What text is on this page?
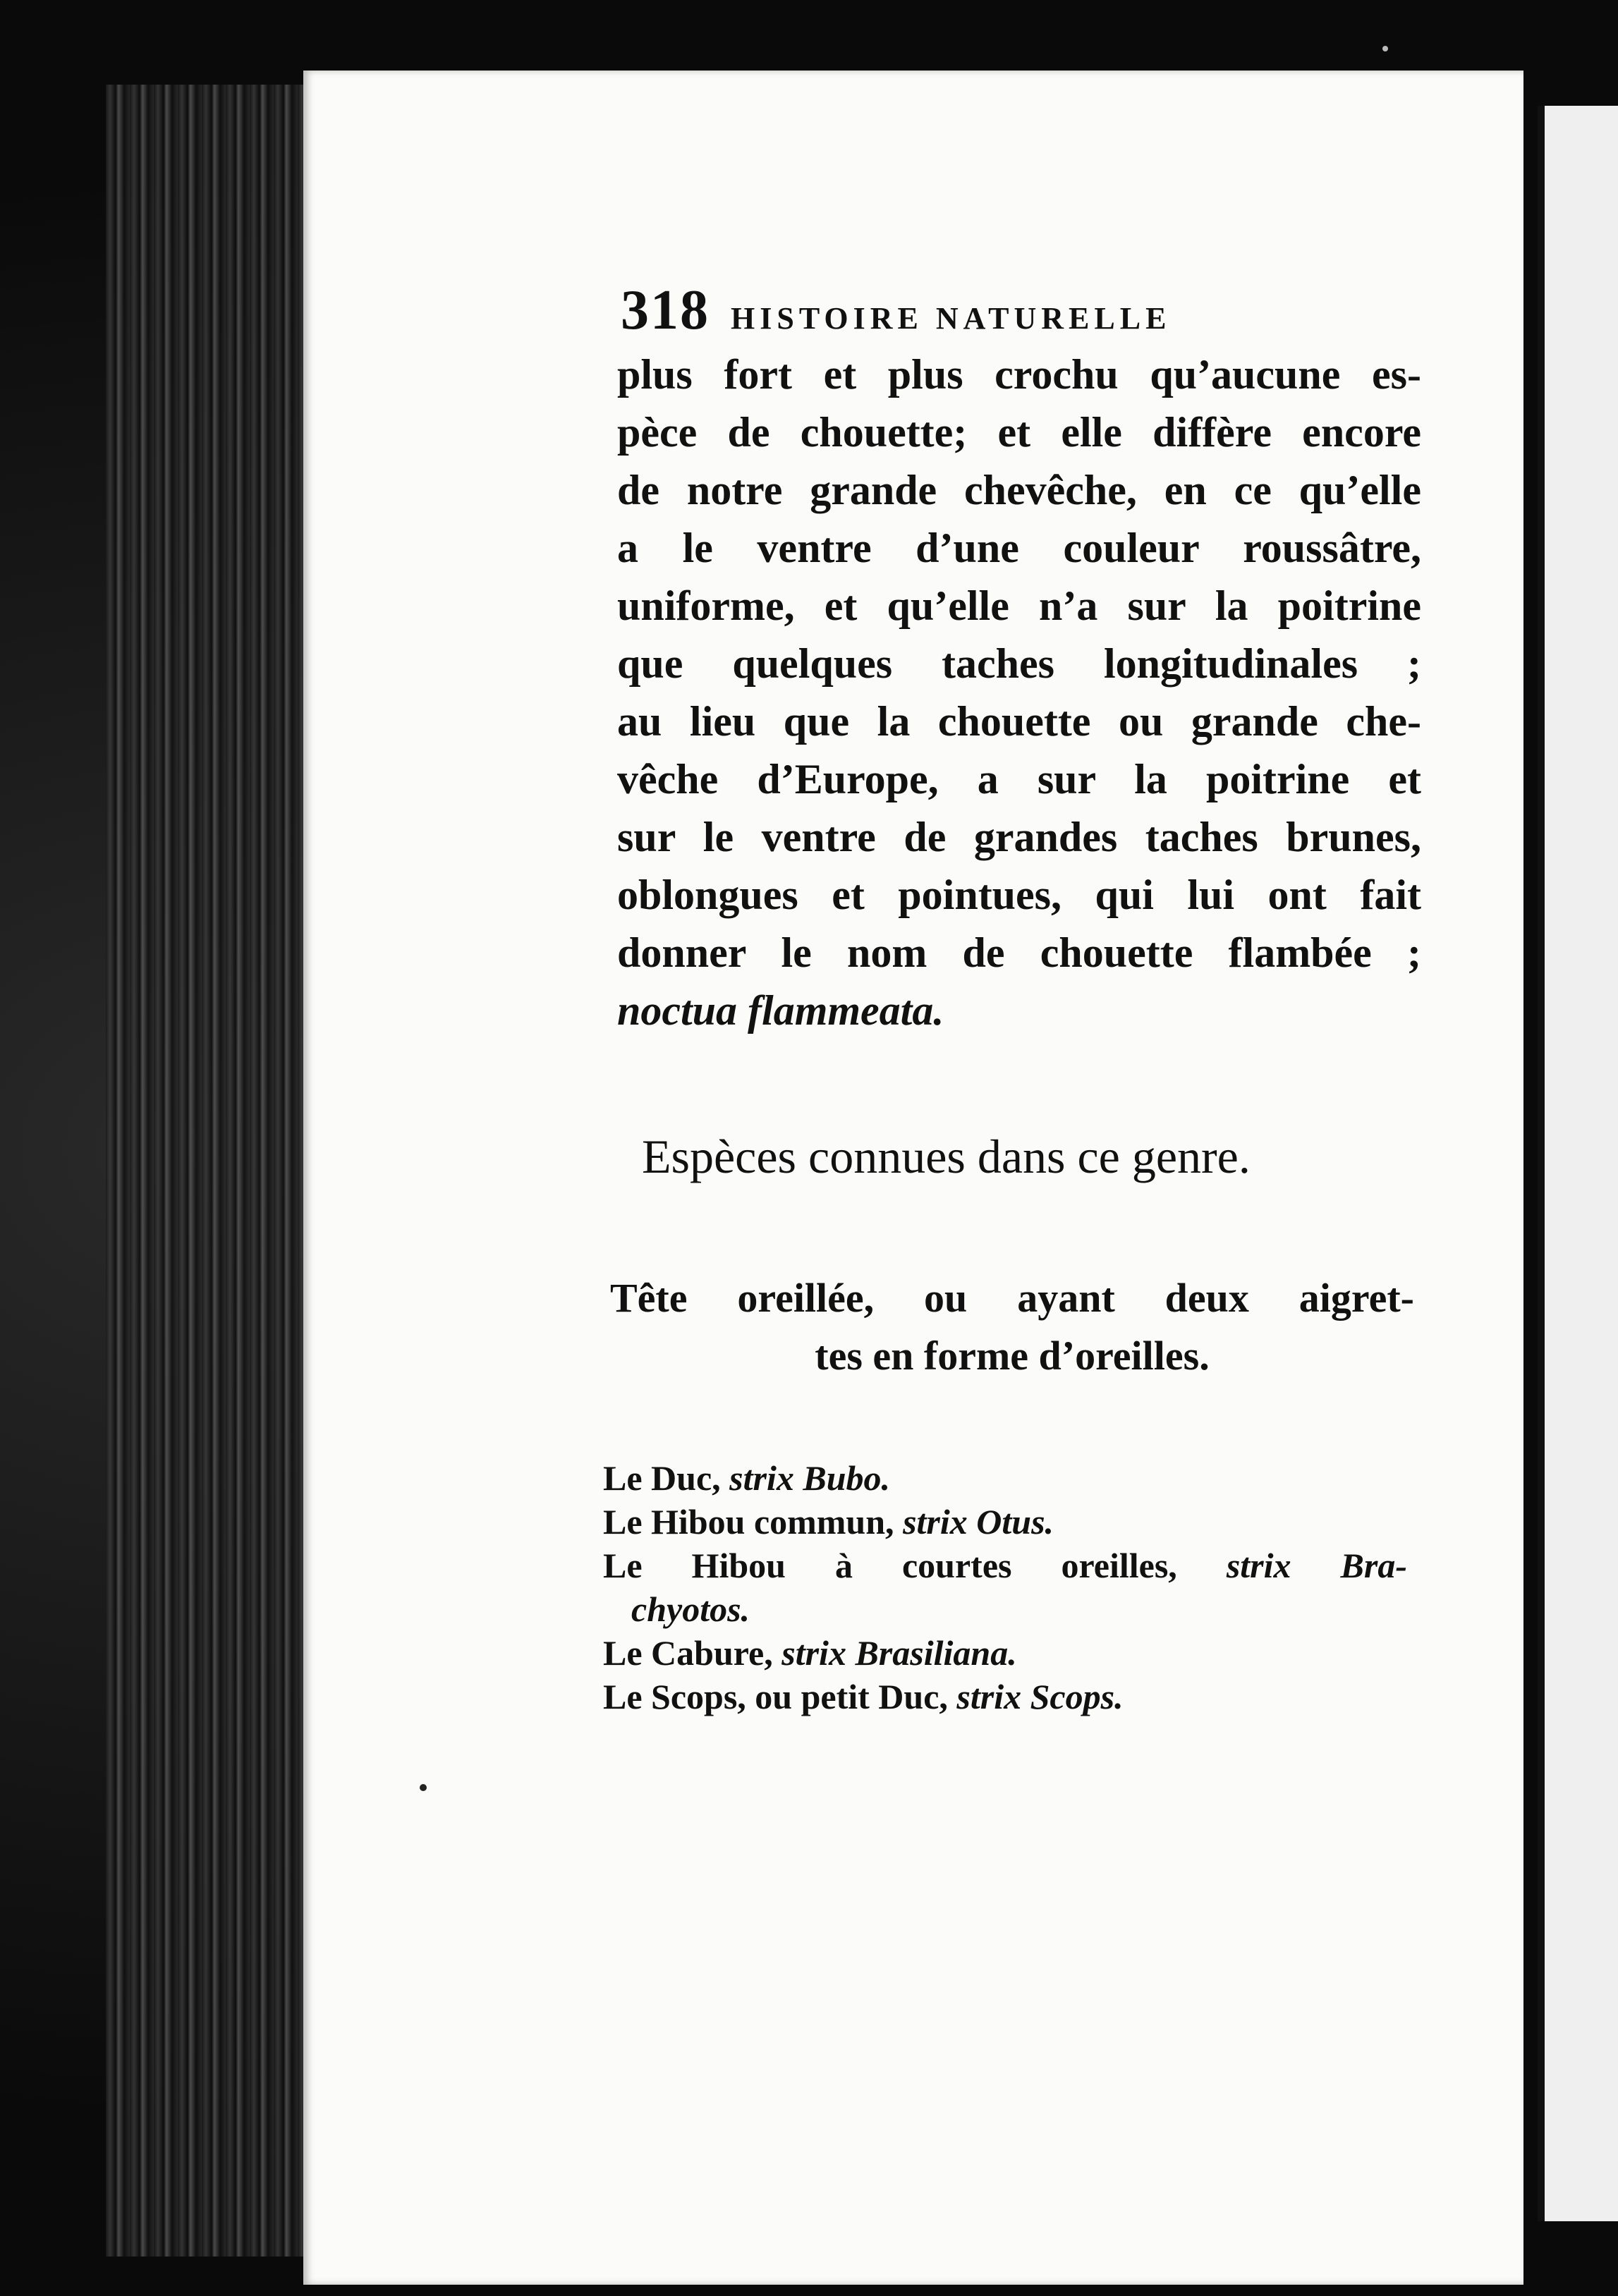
318 HISTOIRE NATURELLE

plus fort et plus crochu qu’aucune es-
pèce de chouette; et elle diffère encore
de notre grande chevêche, en ce qu’elle
a le ventre d’une couleur roussâtre,
uniforme, et qu’elle n’a sur la poitrine
que quelques taches longitudinales ;
au lieu que la chouette ou grande che-
vêche d’Europe, a sur la poitrine et
sur le ventre de grandes taches brunes,
oblongues et pointues, qui lui ont fait
donner le nom de chouette flambée ;
noctua flammeata.

Espèces connues dans ce genre.

Tête oreillée, ou ayant deux aigret-
tes en forme d’oreilles.

Le Duc, strix Bubo.
Le Hibou commun, strix Otus.
Le Hibou à courtes oreilles, strix Bra-
chyotos.
Le Cabure, strix Brasiliana.
Le Scops, ou petit Duc, strix Scops.
